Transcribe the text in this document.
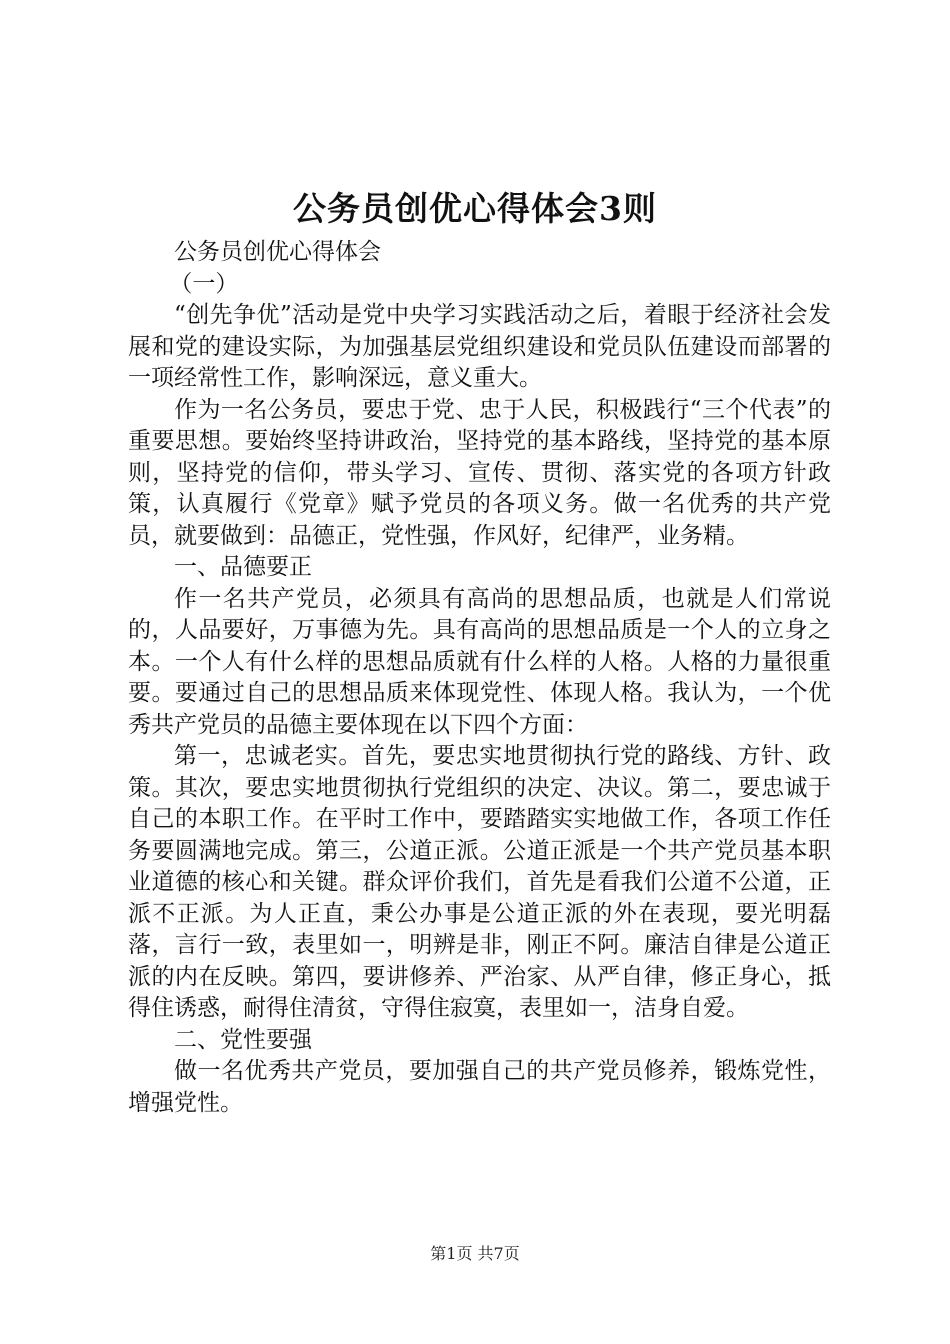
公务员创优心得体会3则

公务员创优心得体会

（一）

“创先争优”活动是党中央学习实践活动之后，着眼于经济社会发展和党的建设实际，为加强基层党组织建设和党员队伍建设而部署的一项经常性工作，影响深远，意义重大。

作为一名公务员，要忠于党、忠于人民，积极践行“三个代表”的重要思想。要始终坚持讲政治，坚持党的基本路线，坚持党的基本原则，坚持党的信仰，带头学习、宣传、贯彻、落实党的各项方针政策，认真履行《党章》赋予党员的各项义务。做一名优秀的共产党员，就要做到：品德正，党性强，作风好，纪律严，业务精。

一、品德要正

作一名共产党员，必须具有高尚的思想品质，也就是人们常说的，人品要好，万事德为先。具有高尚的思想品质是一个人的立身之本。一个人有什么样的思想品质就有什么样的人格。人格的力量很重要。要通过自己的思想品质来体现党性、体现人格。我认为，一个优秀共产党员的品德主要体现在以下四个方面：

第一，忠诚老实。首先，要忠实地贯彻执行党的路线、方针、政策。其次，要忠实地贯彻执行党组织的决定、决议。第二，要忠诚于自己的本职工作。在平时工作中，要踏踏实实地做工作，各项工作任务要圆满地完成。第三，公道正派。公道正派是一个共产党员基本职业道德的核心和关键。群众评价我们，首先是看我们公道不公道，正派不正派。为人正直，秉公办事是公道正派的外在表现，要光明磊落，言行一致，表里如一，明辨是非，刚正不阿。廉洁自律是公道正派的内在反映。第四，要讲修养、严治家、从严自律，修正身心，抵得住诱惑，耐得住清贫，守得住寂寞，表里如一，洁身自爱。

二、党性要强

做一名优秀共产党员，要加强自己的共产党员修养，锻炼党性，增强党性。

第1页 共7页
